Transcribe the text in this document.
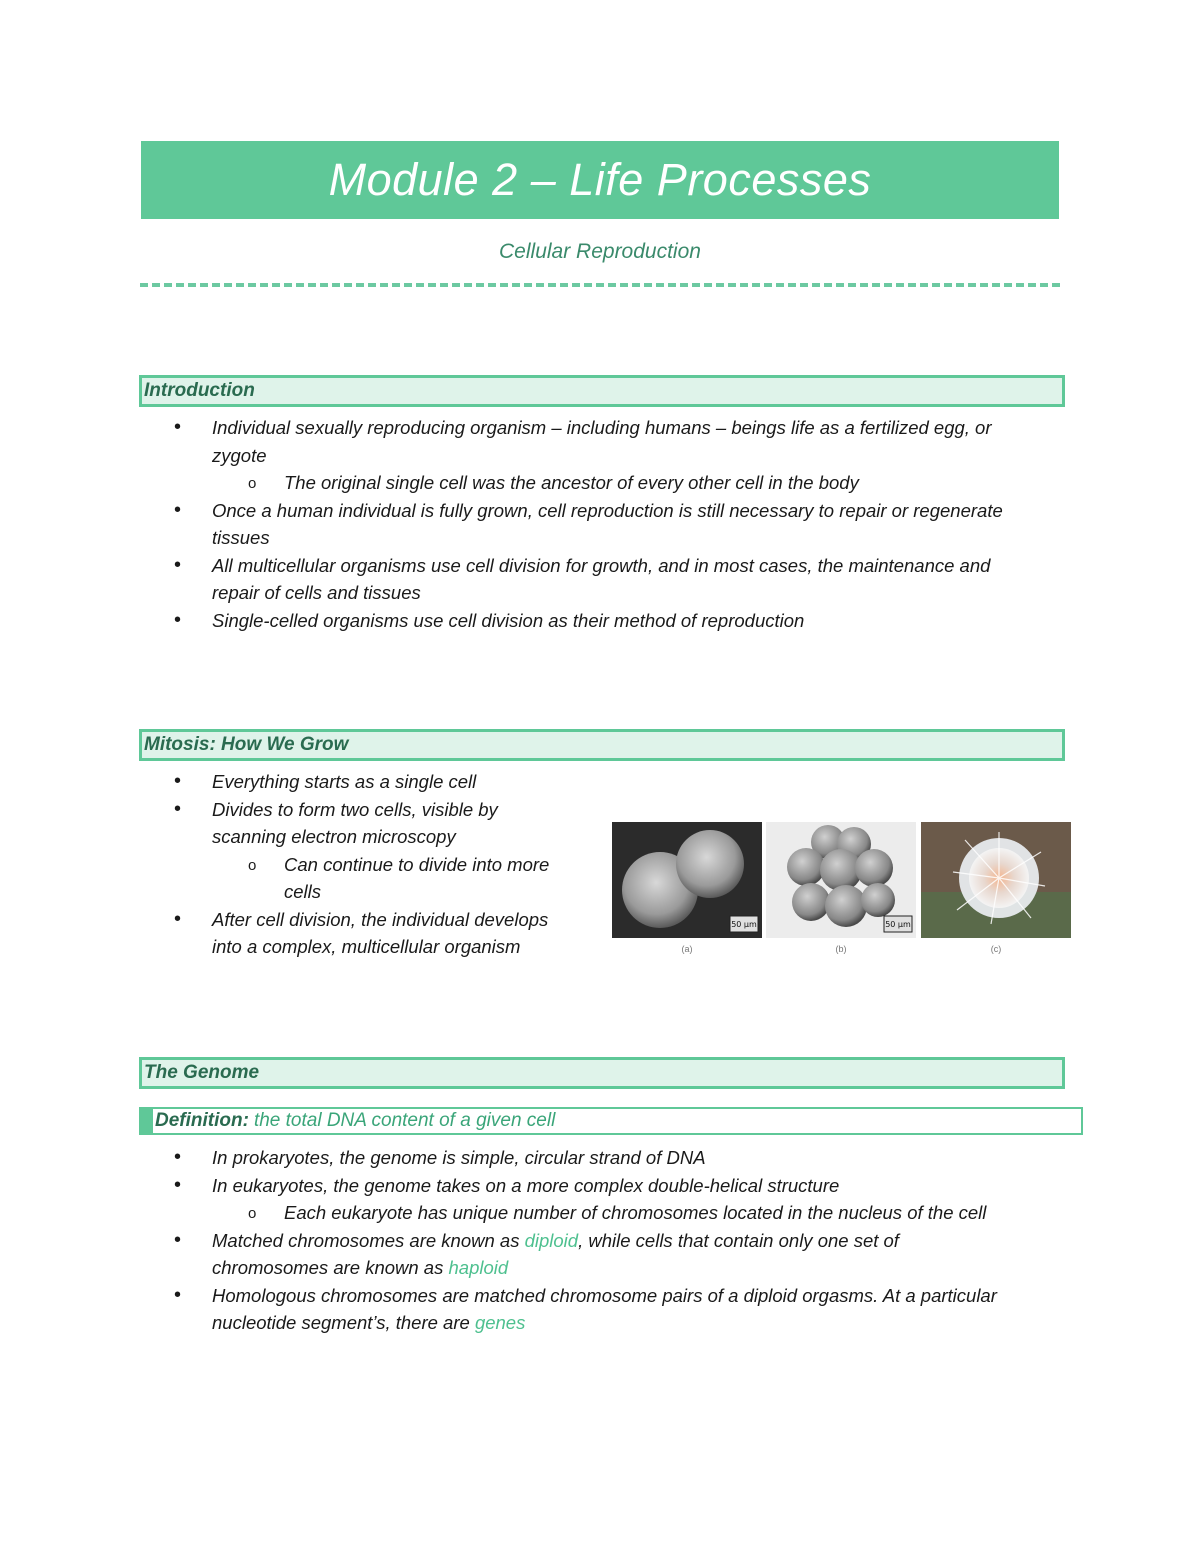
Module 2 – Life Processes
Cellular Reproduction
Introduction
• Individual sexually reproducing organism – including humans – beings life as a fertilized egg, or
zygote
o The original single cell was the ancestor of every other cell in the body
• Once a human individual is fully grown, cell reproduction is still necessary to repair or regenerate
tissues
• All multicellular organisms use cell division for growth, and in most cases, the maintenance and
repair of cells and tissues
• Single-celled organisms use cell division as their method of reproduction
Mitosis: How We Grow
• Everything starts as a single cell
• Divides to form two cells, visible by
scanning electron microscopy
o Can continue to divide into more
cells
• After cell division, the individual develops
into a complex, multicellular organism
50 μm	50 μm
(a)	(b)	(c)
The Genome
Definition: the total DNA content of a given cell
• In prokaryotes, the genome is simple, circular strand of DNA
• In eukaryotes, the genome takes on a more complex double-helical structure
o Each eukaryote has unique number of chromosomes located in the nucleus of the cell
• Matched chromosomes are known as diploid, while cells that contain only one set of
chromosomes are known as haploid
• Homologous chromosomes are matched chromosome pairs of a diploid orgasms. At a particular
nucleotide segment’s, there are genes
